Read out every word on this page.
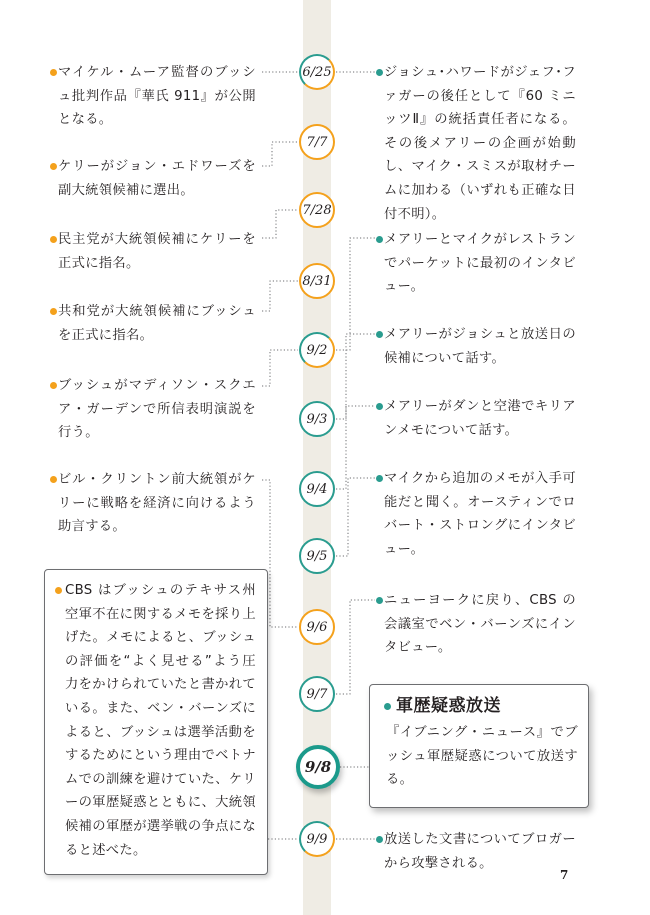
6/25
7/7
7/28
8/31
9/2
9/3
9/4
9/5
9/6
9/7
9/8
9/9
マイケル・ムーア監督のブッシュ批判作品『華氏 911』が公開となる。
ケリーがジョン・エドワーズを副大統領候補に選出。
民主党が大統領候補にケリーを正式に指名。
共和党が大統領候補にブッシュを正式に指名。
ブッシュがマディソン・スクエア・ガーデンで所信表明演説を行う。
ビル・クリントン前大統領がケリーに戦略を経済に向けるよう助言する。
CBS はブッシュのテキサス州空軍不在に関するメモを採り上げた。メモによると、ブッシュの評価を“よく見せる”よう圧力をかけられていたと書かれている。また、ベン・バーンズによると、ブッシュは選挙活動をするためにという理由でベトナムでの訓練を避けていた、ケリーの軍歴疑惑とともに、大統領候補の軍歴が選挙戦の争点になると述べた。
ジョシュ･ハワードがジェフ･ファガーの後任として『60 ミニッツⅡ』の統括責任者になる。その後メアリーの企画が始動し、マイク・スミスが取材チームに加わる（いずれも正確な日付不明）。
メアリーとマイクがレストランでパーケットに最初のインタビュー。
メアリーがジョシュと放送日の候補について話す。
メアリーがダンと空港でキリアンメモについて話す。
マイクから追加のメモが入手可能だと聞く。オースティンでロバート・ストロングにインタビュー。
ニューヨークに戻り、CBS の会議室でベン・バーンズにインタビュー。
軍歴疑惑放送
『イブニング・ニュース』でブッシュ軍歴疑惑について放送する。
放送した文書についてブロガーから攻撃される。
7
